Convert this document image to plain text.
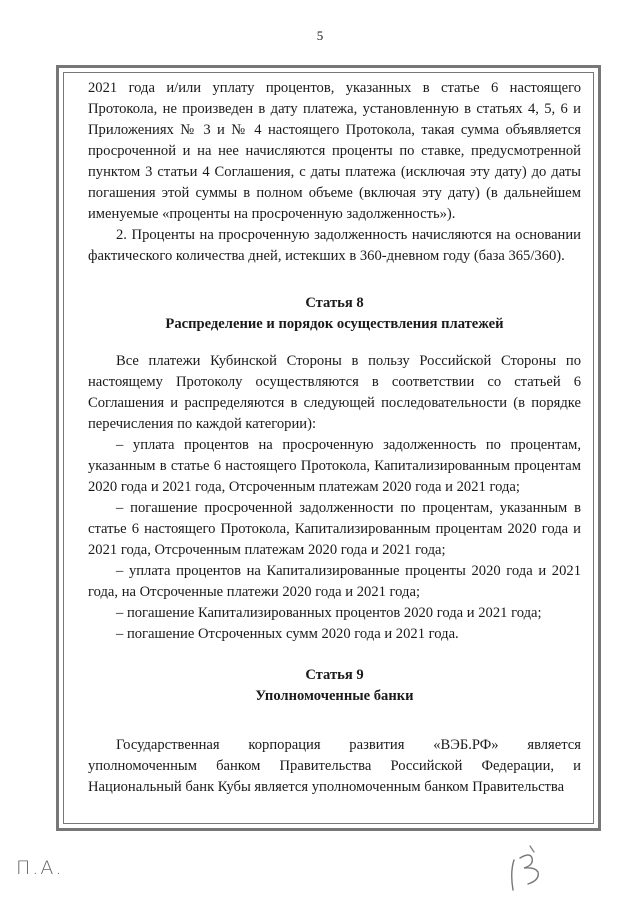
5

2021 года и/или уплату процентов, указанных в статье 6 настоящего Протокола, не произведен в дату платежа, установленную в статьях 4, 5, 6 и Приложениях № 3 и № 4 настоящего Протокола, такая сумма объявляется просроченной и на нее начисляются проценты по ставке, предусмотренной пунктом 3 статьи 4 Соглашения, с даты платежа (исключая эту дату) до даты погашения этой суммы в полном объеме (включая эту дату) (в дальнейшем именуемые «проценты на просроченную задолженность»).

2. Проценты на просроченную задолженность начисляются на основании фактического количества дней, истекших в 360-дневном году (база 365/360).

Статья 8

Распределение и порядок осуществления платежей

Все платежи Кубинской Стороны в пользу Российской Стороны по настоящему Протоколу осуществляются в соответствии со статьей 6 Соглашения и распределяются в следующей последовательности (в порядке перечисления по каждой категории):

– уплата процентов на просроченную задолженность по процентам, указанным в статье 6 настоящего Протокола, Капитализированным процентам 2020 года и 2021 года, Отсроченным платежам 2020 года и 2021 года;

– погашение просроченной задолженности по процентам, указанным в статье 6 настоящего Протокола, Капитализированным процентам 2020 года и 2021 года, Отсроченным платежам 2020 года и 2021 года;

– уплата процентов на Капитализированные проценты 2020 года и 2021 года, на Отсроченные платежи 2020 года и 2021 года;

– погашение Капитализированных процентов 2020 года и 2021 года;

– погашение Отсроченных сумм 2020 года и 2021 года.

Статья 9

Уполномоченные банки

Государственная корпорация развития «ВЭБ.РФ» является уполномоченным банком Правительства Российской Федерации, и Национальный банк Кубы является уполномоченным банком Правительства

П.А.
